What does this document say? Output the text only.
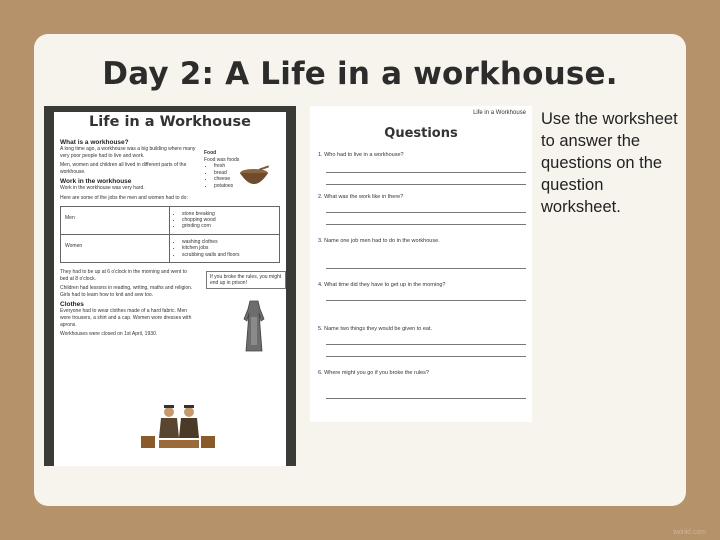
Day 2: A Life in a workhouse.
Life in a Workhouse
What is a workhouse?
A long time ago, a workhouse was a big building where many very poor people had to live and work.
Men, women and children all lived in different parts of the workhouse.
Work in the workhouse
Work in the workhouse was very hard.
Food
Food was foods
• fresh
• bread
• cheese
• potatoes
Here are some of the jobs the men and women had to do:
Men
• stone breaking
• chopping wood
• grinding corn
Women
• washing clothes
• kitchen jobs
• scrubbing walls and floors
They had to be up at 6 o'clock in the morning and went to bed at 8 o'clock.
Children had lessons in reading, writing, maths and religion. Girls had to learn how to knit and sew too.
Clothes
Everyone had to wear clothes made of a hard fabric. Men wore trousers, a shirt and a cap. Women wore dresses with aprons.
Workhouses were closed on 1st April, 1930.
If you broke the rules, you might end up in prison!

Life in a Workhouse

Questions

1. Who had to live in a workhouse?

2. What was the work like in there?

3. Name one job men had to do in the workhouse.

4. What time did they have to get up in the morning?

5. Name two things they would be given to eat.

6. Where might you go if you broke the rules?

Use the worksheet to answer the questions on the question worksheet.

twinkl.com
